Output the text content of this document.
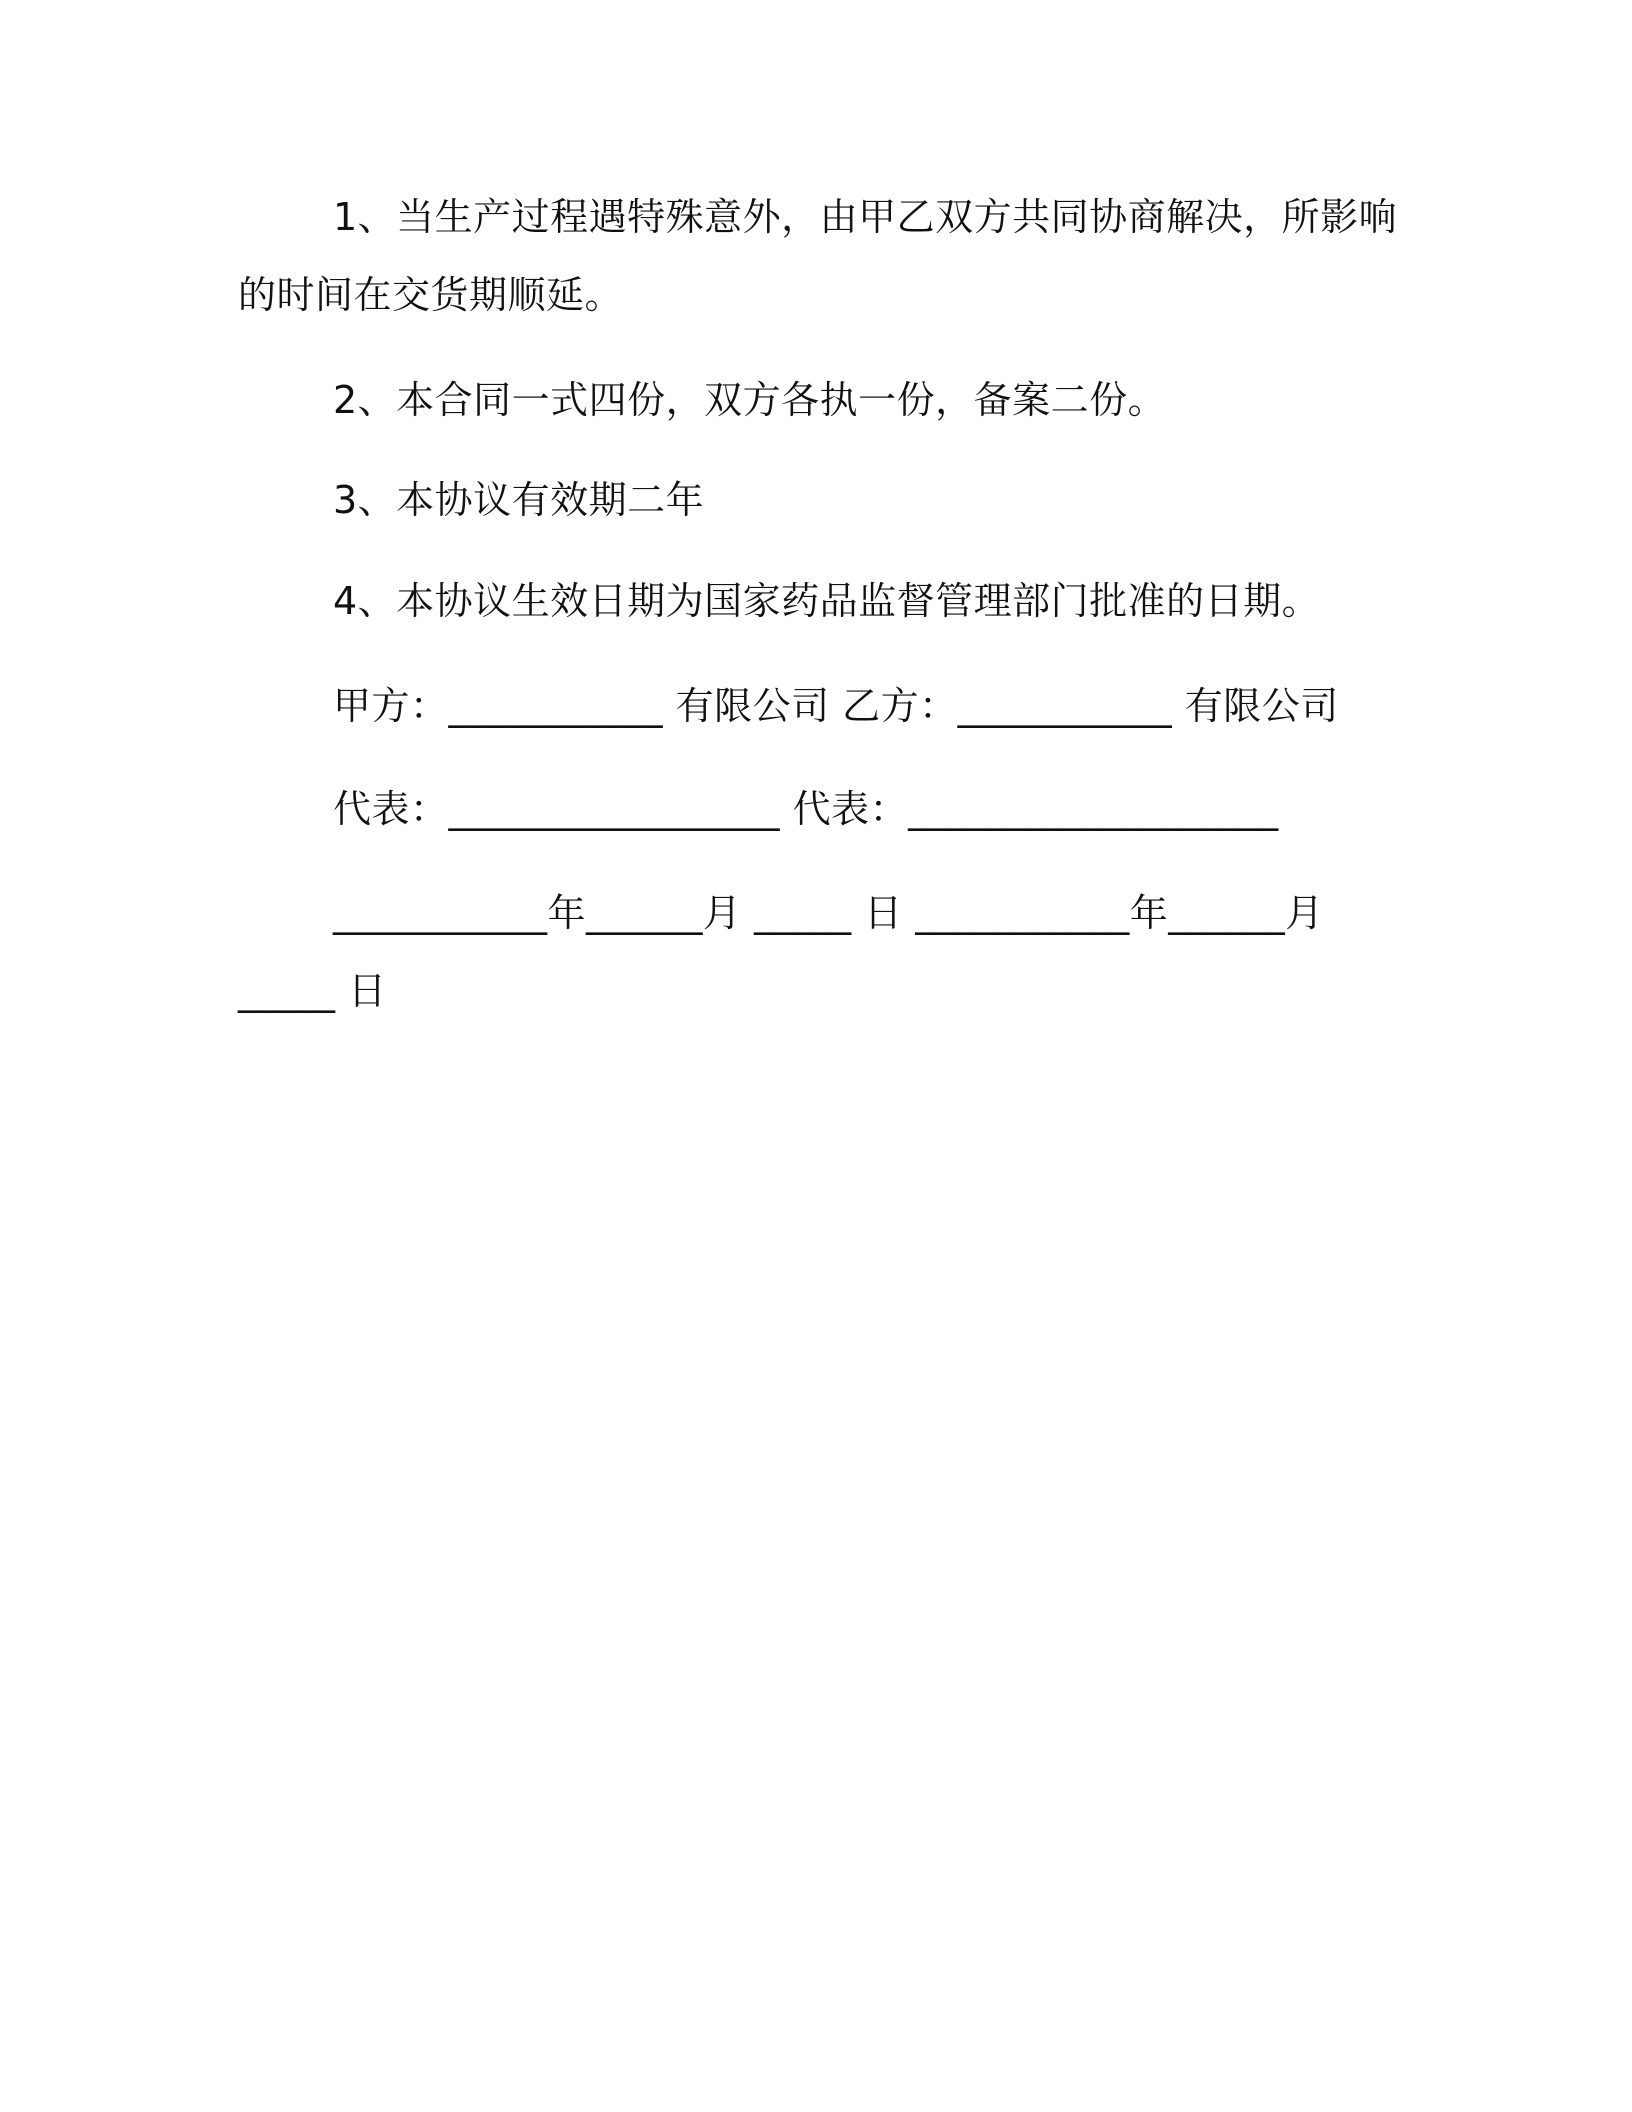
1、当生产过程遇特殊意外，由甲乙双方共同协商解决，所影响
的时间在交货期顺延。
2、本合同一式四份，双方各执一份，备案二份。
3、本协议有效期二年
4、本协议生效日期为国家药品监督管理部门批准的日期。
甲方：___________ 有限公司 乙方：___________ 有限公司
代表：_________________ 代表：___________________
___________年______月 _____ 日 ___________年______月
_____ 日
